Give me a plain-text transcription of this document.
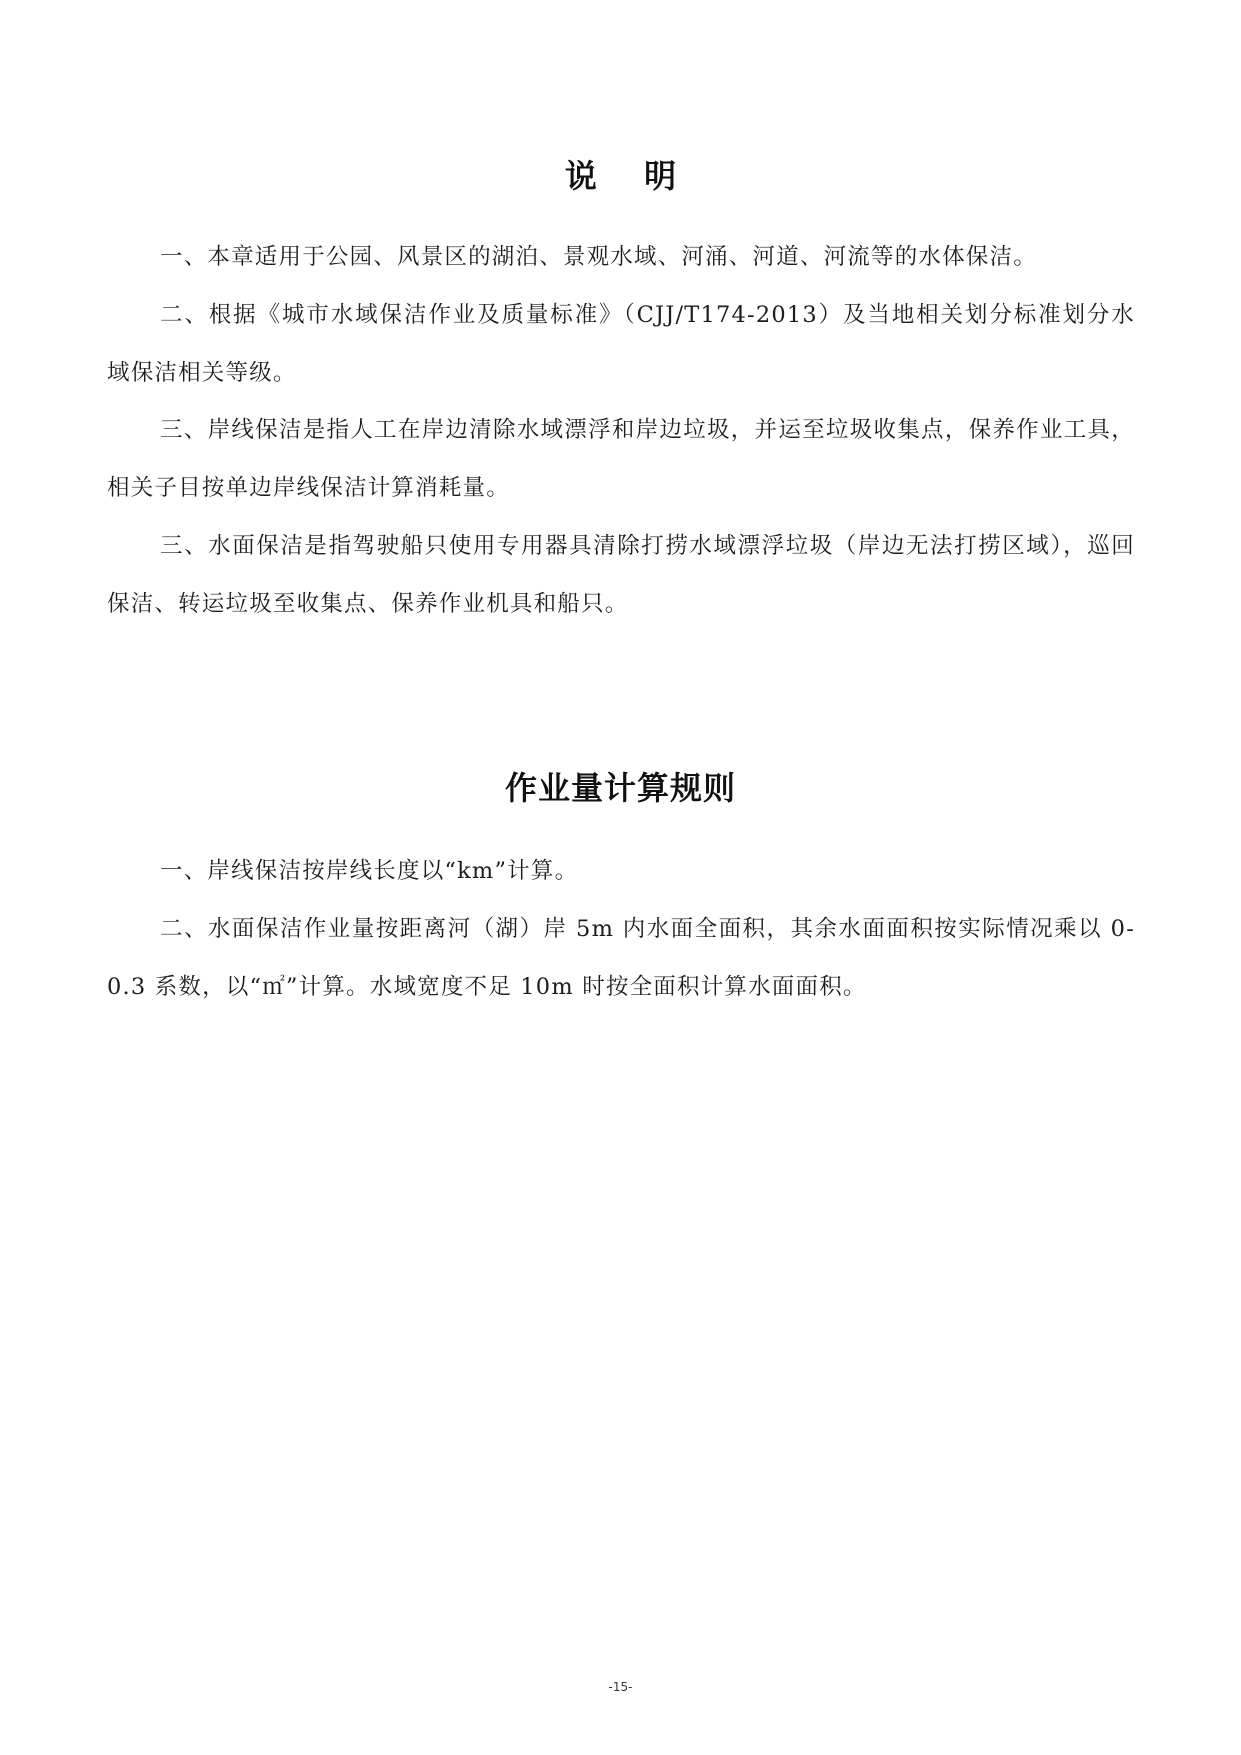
说 明

一、本章适用于公园、风景区的湖泊、景观水域、河涌、河道、河流等的水体保洁。

二、根据《城市水域保洁作业及质量标准》（CJJ/T174-2013）及当地相关划分标准划分水域保洁相关等级。

三、岸线保洁是指人工在岸边清除水域漂浮和岸边垃圾，并运至垃圾收集点，保养作业工具，相关子目按单边岸线保洁计算消耗量。

三、水面保洁是指驾驶船只使用专用器具清除打捞水域漂浮垃圾（岸边无法打捞区域），巡回保洁、转运垃圾至收集点、保养作业机具和船只。

作业量计算规则

一、岸线保洁按岸线长度以“km”计算。

二、水面保洁作业量按距离河（湖）岸 5m 内水面全面积，其余水面面积按实际情况乘以 0-0.3 系数，以“㎡”计算。水域宽度不足 10m 时按全面积计算水面面积。

-15-
